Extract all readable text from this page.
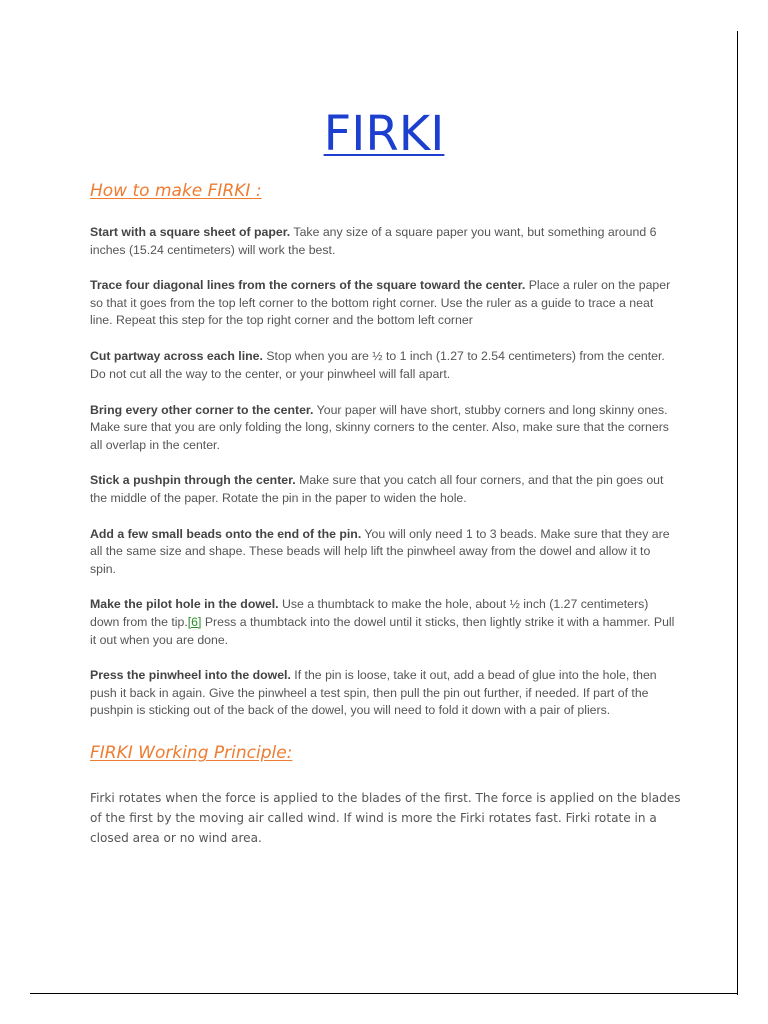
FIRKI
How to make FIRKI :

Start with a square sheet of paper. Take any size of a square paper you want, but something around 6 inches (15.24 centimeters) will work the best.

Trace four diagonal lines from the corners of the square toward the center. Place a ruler on the paper so that it goes from the top left corner to the bottom right corner. Use the ruler as a guide to trace a neat line. Repeat this step for the top right corner and the bottom left corner

Cut partway across each line. Stop when you are ½ to 1 inch (1.27 to 2.54 centimeters) from the center. Do not cut all the way to the center, or your pinwheel will fall apart.

Bring every other corner to the center. Your paper will have short, stubby corners and long skinny ones. Make sure that you are only folding the long, skinny corners to the center. Also, make sure that the corners all overlap in the center.

Stick a pushpin through the center. Make sure that you catch all four corners, and that the pin goes out the middle of the paper. Rotate the pin in the paper to widen the hole.

Add a few small beads onto the end of the pin. You will only need 1 to 3 beads. Make sure that they are all the same size and shape. These beads will help lift the pinwheel away from the dowel and allow it to spin.

Make the pilot hole in the dowel. Use a thumbtack to make the hole, about ½ inch (1.27 centimeters) down from the tip.[6] Press a thumbtack into the dowel until it sticks, then lightly strike it with a hammer. Pull it out when you are done.

Press the pinwheel into the dowel. If the pin is loose, take it out, add a bead of glue into the hole, then push it back in again. Give the pinwheel a test spin, then pull the pin out further, if needed. If part of the pushpin is sticking out of the back of the dowel, you will need to fold it down with a pair of pliers.

FIRKI Working Principle:
Firki rotates when the force is applied to the blades of the first. The force is applied on the blades of the first by the moving air called wind. If wind is more the Firki rotates fast. Firki rotate in a closed area or no wind area.
